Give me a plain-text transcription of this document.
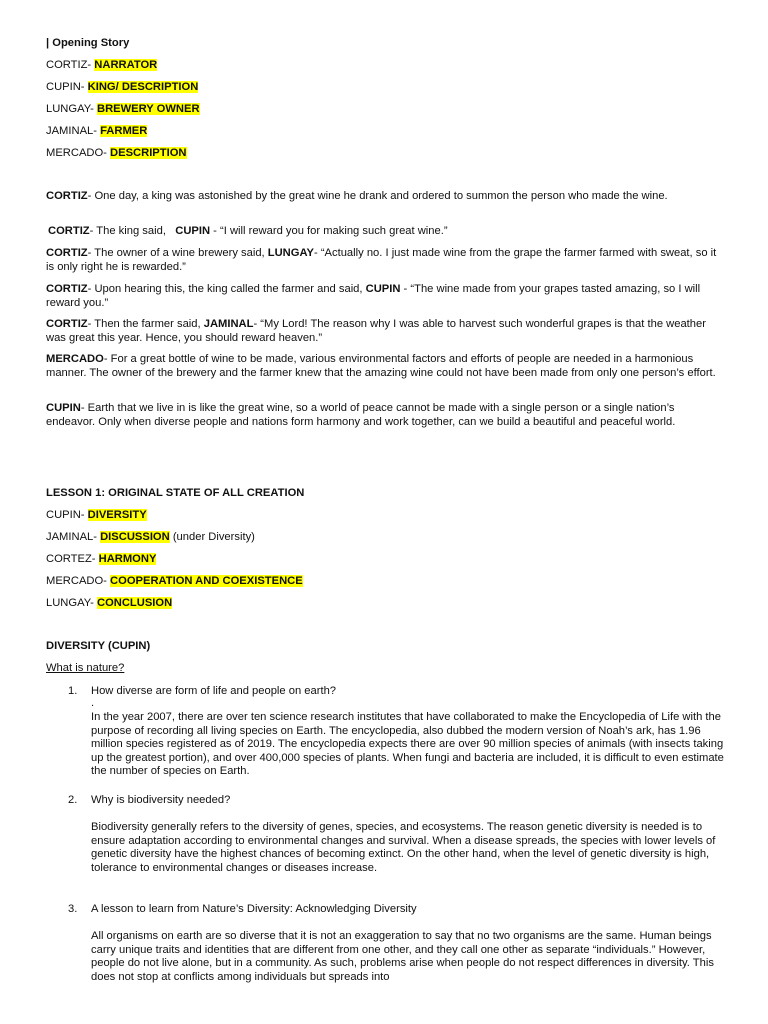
| Opening Story
CORTIZ- NARRATOR
CUPIN- KING/ DESCRIPTION
LUNGAY- BREWERY OWNER
JAMINAL- FARMER
MERCADO- DESCRIPTION
CORTIZ- One day, a king was astonished by the great wine he drank and ordered to summon the person who made the wine.
CORTIZ- The king said, CUPIN - “I will reward you for making such great wine.”
CORTIZ- The owner of a wine brewery said, LUNGAY- “Actually no. I just made wine from the grape the farmer farmed with sweat, so it is only right he is rewarded.”
CORTIZ- Upon hearing this, the king called the farmer and said, CUPIN - “The wine made from your grapes tasted amazing, so I will reward you.”
CORTIZ- Then the farmer said, JAMINAL- “My Lord! The reason why I was able to harvest such wonderful grapes is that the weather was great this year. Hence, you should reward heaven.”
MERCADO- For a great bottle of wine to be made, various environmental factors and efforts of people are needed in a harmonious manner. The owner of the brewery and the farmer knew that the amazing wine could not have been made from only one person’s effort.
CUPIN- Earth that we live in is like the great wine, so a world of peace cannot be made with a single person or a single nation’s endeavor. Only when diverse people and nations form harmony and work together, can we build a beautiful and peaceful world.
LESSON 1: ORIGINAL STATE OF ALL CREATION
CUPIN- DIVERSITY
JAMINAL- DISCUSSION (under Diversity)
CORTEZ- HARMONY
MERCADO- COOPERATION AND COEXISTENCE
LUNGAY- CONCLUSION
DIVERSITY (CUPIN)
What is nature?
1. How diverse are form of life and people on earth?
.
In the year 2007, there are over ten science research institutes that have collaborated to make the Encyclopedia of Life with the purpose of recording all living species on Earth. The encyclopedia, also dubbed the modern version of Noah’s ark, has 1.96 million species registered as of 2019. The encyclopedia expects there are over 90 million species of animals (with insects taking up the greatest portion), and over 400,000 species of plants. When fungi and bacteria are included, it is difficult to even estimate the number of species on Earth.
2. Why is biodiversity needed?
Biodiversity generally refers to the diversity of genes, species, and ecosystems. The reason genetic diversity is needed is to ensure adaptation according to environmental changes and survival. When a disease spreads, the species with lower levels of genetic diversity have the highest chances of becoming extinct. On the other hand, when the level of genetic diversity is high, tolerance to environmental changes or diseases increase.
3. A lesson to learn from Nature’s Diversity: Acknowledging Diversity
All organisms on earth are so diverse that it is not an exaggeration to say that no two organisms are the same. Human beings carry unique traits and identities that are different from one other, and they call one other as separate “individuals.” However, people do not live alone, but in a community. As such, problems arise when people do not respect differences in diversity. This does not stop at conflicts among individuals but spreads into
